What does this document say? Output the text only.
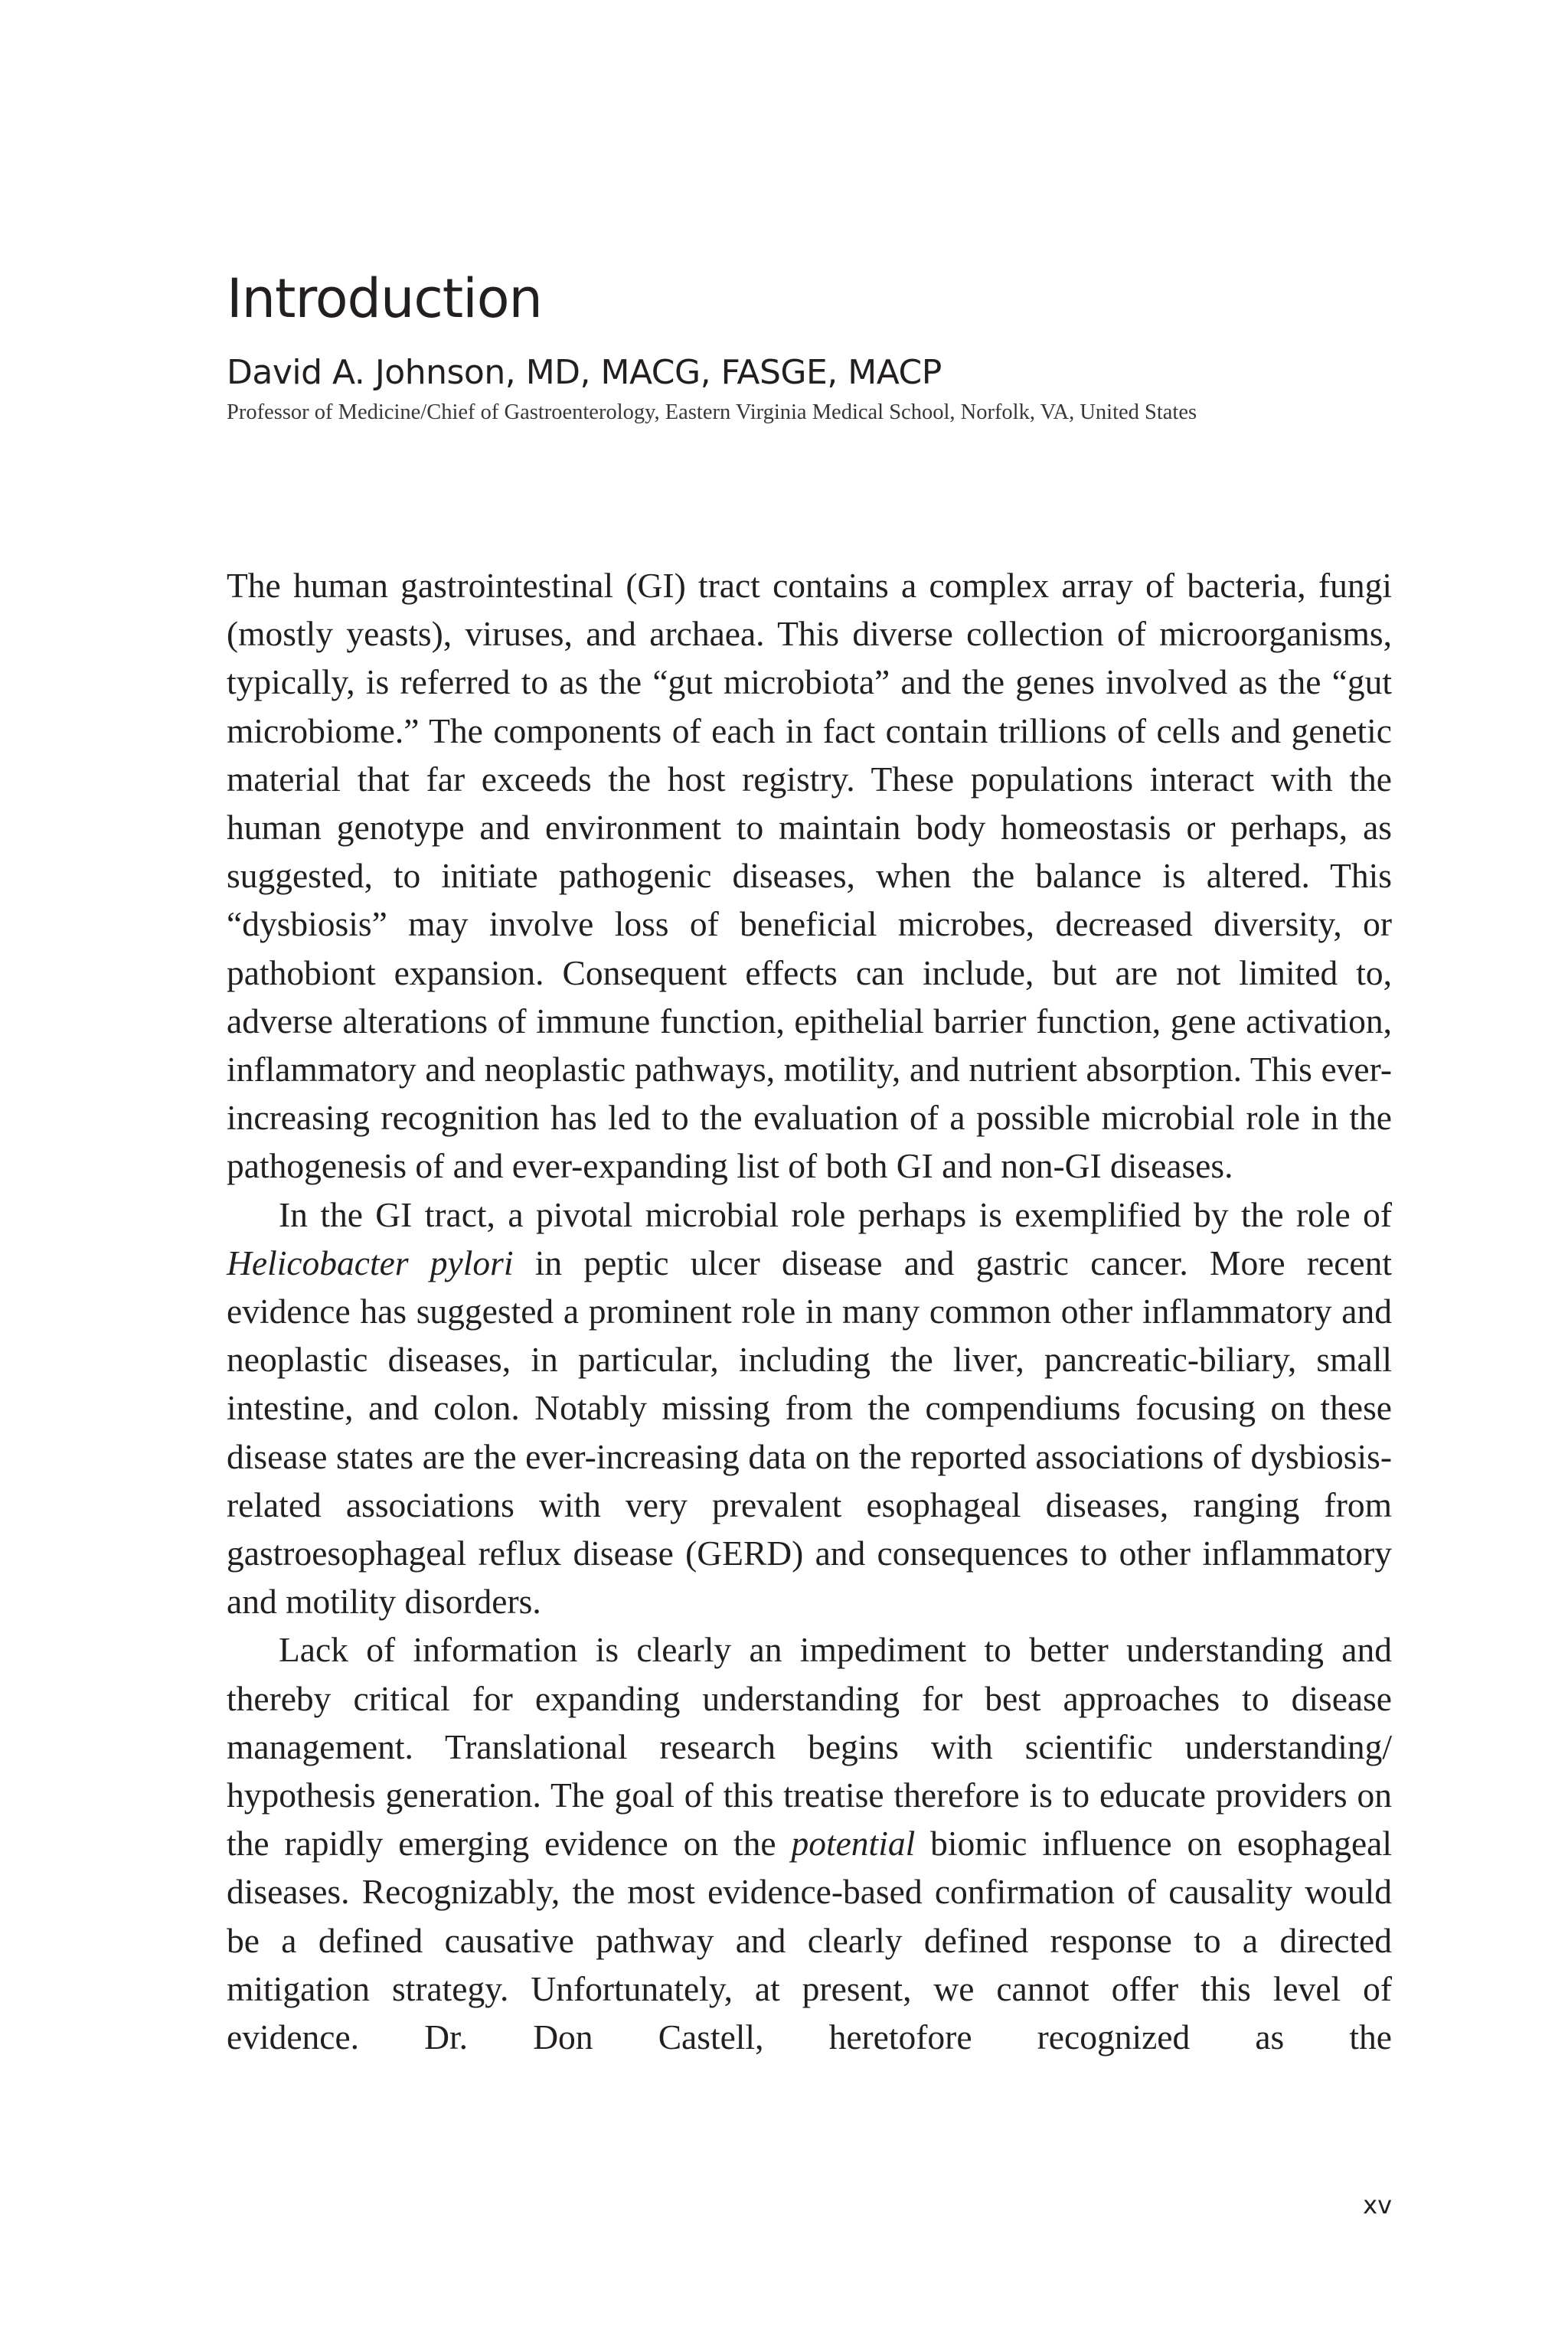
Introduction
David A. Johnson, MD, MACG, FASGE, MACP

Professor of Medicine/Chief of Gastroenterology, Eastern Virginia Medical School, Norfolk, VA, United States

The human gastrointestinal (GI) tract contains a complex array of bacteria, fungi (mostly yeasts), viruses, and archaea. This diverse collection of microorganisms, typically, is referred to as the “gut microbiota” and the genes involved as the “gut microbiome.” The components of each in fact contain trillions of cells and genetic material that far exceeds the host registry. These populations interact with the human genotype and environment to maintain body homeostasis or perhaps, as suggested, to initiate pathogenic diseases, when the balance is altered. This “dysbiosis” may involve loss of beneficial microbes, decreased diversity, or pathobiont expansion. Consequent effects can include, but are not limited to, adverse alterations of immune function, epithelial barrier function, gene activation, inflammatory and neoplastic pathways, motility, and nutrient absorption. This ever-increasing recognition has led to the evaluation of a possible microbial role in the pathogenesis of and ever-expanding list of both GI and non-GI diseases.

In the GI tract, a pivotal microbial role perhaps is exemplified by the role of Helicobacter pylori in peptic ulcer disease and gastric cancer. More recent evidence has suggested a prominent role in many common other inflammatory and neoplastic diseases, in particular, including the liver, pancreatic-biliary, small intestine, and colon. Notably missing from the compendiums focusing on these disease states are the ever-increasing data on the reported associations of dysbiosis-related associations with very prevalent esophageal diseases, ranging from gastroesophageal reflux disease (GERD) and consequences to other inflammatory and motility disorders.

Lack of information is clearly an impediment to better understanding and thereby critical for expanding understanding for best approaches to disease management. Translational research begins with scientific understanding/ hypothesis generation. The goal of this treatise therefore is to educate providers on the rapidly emerging evidence on the potential biomic influence on esophageal diseases. Recognizably, the most evidence-based confirmation of causality would be a defined causative pathway and clearly defined response to a directed mitigation strategy. Unfortunately, at present, we cannot offer this level of evidence. Dr. Don Castell, heretofore recognized as the

xv
